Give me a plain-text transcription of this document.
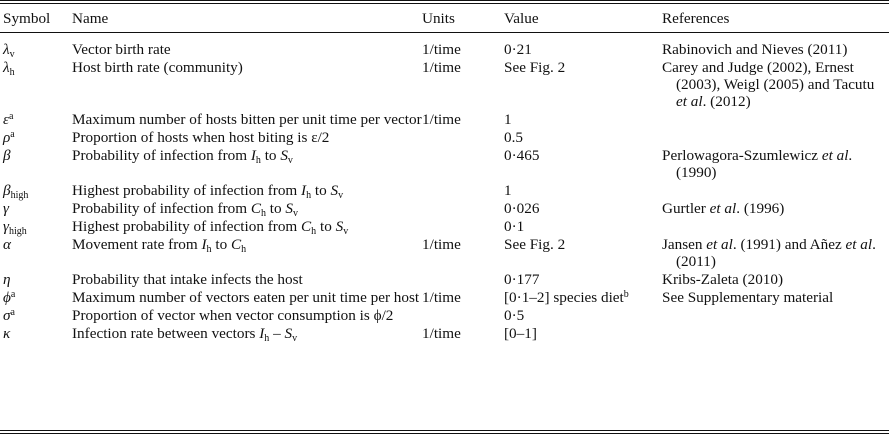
Symbol	Name	Units	Value	References
$\lambda_v$	Vector birth rate	1/time	0·21	Rabinovich and Nieves (2011)
$\lambda_h$	Host birth rate (community)	1/time	See Fig. 2	Carey and Judge (2002), Ernest (2003), Weigl (2005) and Tacutu et al. (2012)
$\varepsilon^a$	Maximum number of hosts bitten per unit time per vector	1/time	1	
$\rho^a$	Proportion of hosts when host biting is ε/2		0.5	
β	Probability of infection from $I_h$ to $S_v$		0·465	Perlowagora-Szumlewicz et al. (1990)
$\beta_{high}$	Highest probability of infection from $I_h$ to $S_v$		1	
γ	Probability of infection from $C_h$ to $S_v$		0·026	Gurtler et al. (1996)
$\gamma_{high}$	Highest probability of infection from $C_h$ to $S_v$		0·1	
α	Movement rate from $I_h$ to $C_h$	1/time	See Fig. 2	Jansen et al. (1991) and Añez et al. (2011)
η	Probability that intake infects the host		0·177	Kribs-Zaleta (2010)
$\phi^a$	Maximum number of vectors eaten per unit time per host	1/time	[0·1–2] species diet$^b$	See Supplementary material
$\sigma^a$	Proportion of vector when vector consumption is ϕ/2		0·5	
κ	Infection rate between vectors $I_h - S_v$	1/time	[0–1]	
